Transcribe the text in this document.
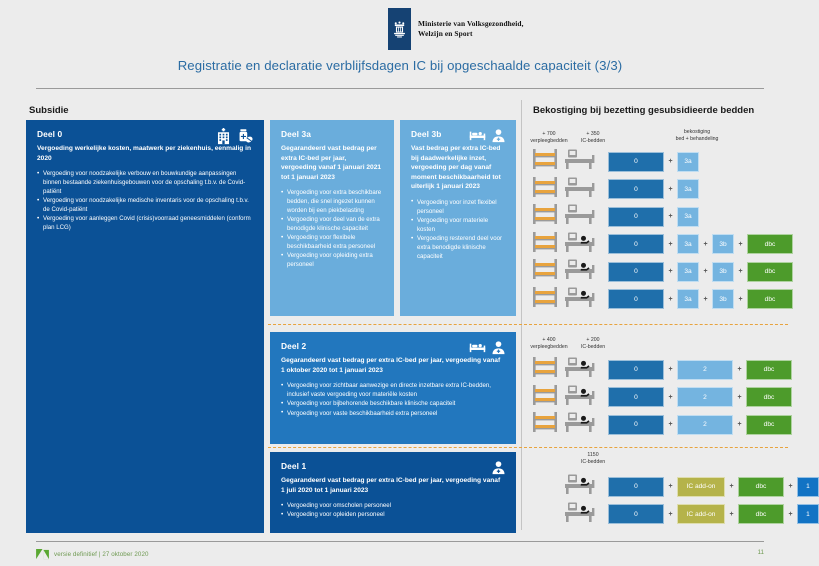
Ministerie van Volksgezondheid,
Welzijn en Sport
Registratie en declaratie verblijfsdagen IC bij opgeschaalde capaciteit (3/3)
Subsidie	Bekostiging bij bezetting gesubsidieerde bedden
Deel 0

Vergoeding werkelijke kosten, maatwerk per ziekenhuis, eenmalig in 2020

• Vergoeding voor noodzakelijke verbouw en bouwkundige aanpassingen binnen bestaande ziekenhuisgebouwen voor de opschaling t.b.v. de Covid-patiënt
• Vergoeding voor noodzakelijke medische inventaris voor de opschaling t.b.v. de Covid-patiënt
• Vergoeding voor aanleggen Covid (crisis)voorraad geneesmiddelen (conform plan LCG)
Deel 3a

Gegarandeerd vast bedrag per extra IC-bed per jaar, vergoeding vanaf 1 januari 2021 tot 1 januari 2023

• Vergoeding voor extra beschikbare bedden, die snel ingezet kunnen worden bij een piekbelasting
• Vergoeding voor deel van de extra benodigde klinische capaciteit
• Vergoeding voor flexibele beschikbaarheid extra personeel
• Vergoeding voor opleiding extra personeel
Deel 3b

Vast bedrag per extra IC-bed bij daadwerkelijke inzet, vergoeding per dag vanaf moment beschikbaarheid tot uiterlijk 1 januari 2023

• Vergoeding voor inzet flexibel personeel
• Vergoeding voor materiele kosten
• Vergoeding resterend deel voor extra benodigde klinische capaciteit
Deel 2

Gegarandeerd vast bedrag per extra IC-bed per jaar, vergoeding vanaf 1 oktober 2020 tot 1 januari 2023

• Vergoeding voor zichtbaar aanwezige en directe inzetbare extra IC-bedden, inclusief vaste vergoeding voor materiële kosten
• Vergoeding voor bijbehorende beschikbare klinische capaciteit
• Vergoeding voor vaste beschikbaarheid extra personeel
Deel 1

Gegarandeerd vast bedrag per extra IC-bed per jaar, vergoeding vanaf 1 juli 2020 tot 1 januari 2023

• Vergoeding voor omscholen personeel
• Vergoeding voor opleiden personeel
+ 700
verpleegbedden
+ 350
IC-bedden
bekostiging
bed + behandeling
0	+	3a
0	+	3a
0	+	3a
0	+	3a	+	3b	+	dbc
0	+	3a	+	3b	+	dbc
0	+	3a	+	3b	+	dbc
+ 400
verpleegbedden
+ 200
IC-bedden
0	+	2	+	dbc
0	+	2	+	dbc
0	+	2	+	dbc
1150
IC-bedden
0	+	IC add-on	+	dbc	+	1
0	+	IC add-on	+	dbc	+	1
versie definitief | 27 oktober 2020	11
